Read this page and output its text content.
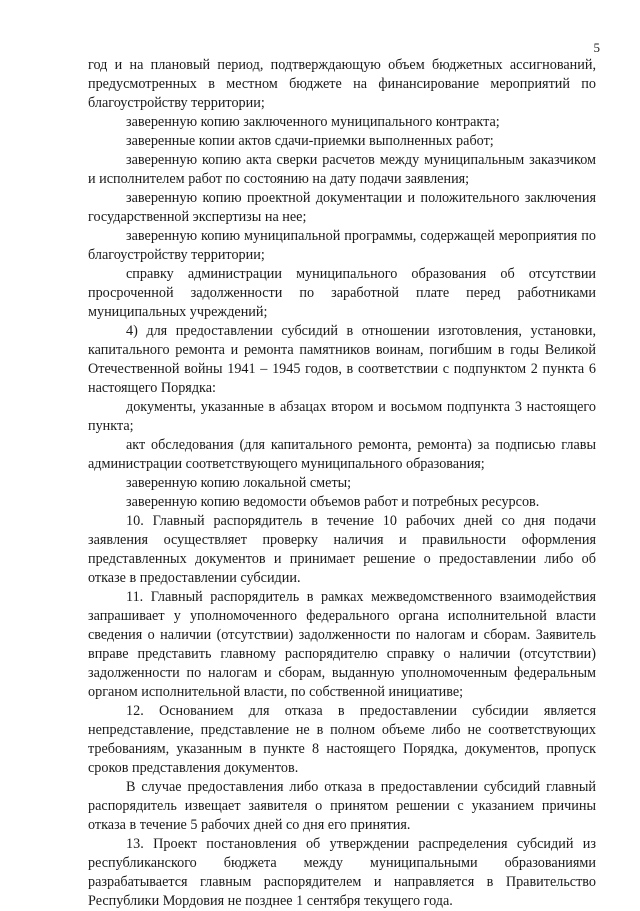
5

год и на плановый период, подтверждающую объем бюджетных ассигнований, предусмотренных в местном бюджете на финансирование мероприятий по благоустройству территории;

заверенную копию заключенного муниципального контракта;

заверенные копии актов сдачи-приемки выполненных работ;

заверенную копию акта сверки расчетов между муниципальным заказчиком и исполнителем работ по состоянию на дату подачи заявления;

заверенную копию проектной документации и положительного заключения государственной экспертизы на нее;

заверенную копию муниципальной программы, содержащей мероприятия по благоустройству территории;

справку администрации муниципального образования об отсутствии просроченной задолженности по заработной плате перед работниками муниципальных учреждений;

4) для предоставлении субсидий в отношении изготовления, установки, капитального ремонта и ремонта памятников воинам, погибшим в годы Великой Отечественной войны 1941 – 1945 годов, в соответствии с подпунктом 2 пункта 6 настоящего Порядка:

документы, указанные в абзацах втором и восьмом подпункта 3 настоящего пункта;

акт обследования (для капитального ремонта, ремонта) за подписью главы администрации соответствующего муниципального образования;

заверенную копию локальной сметы;

заверенную копию ведомости объемов работ и потребных ресурсов.

10. Главный распорядитель в течение 10 рабочих дней со дня подачи заявления осуществляет проверку наличия и правильности оформления представленных документов и принимает решение о предоставлении либо об отказе в предоставлении субсидии.

11. Главный распорядитель в рамках межведомственного взаимодействия запрашивает у уполномоченного федерального органа исполнительной власти сведения о наличии (отсутствии) задолженности по налогам и сборам. Заявитель вправе представить главному распорядителю справку о наличии (отсутствии) задолженности по налогам и сборам, выданную уполномоченным федеральным органом исполнительной власти, по собственной инициативе;

12. Основанием для отказа в предоставлении субсидии является непредставление, представление не в полном объеме либо не соответствующих требованиям, указанным в пункте 8 настоящего Порядка, документов, пропуск сроков представления документов.

В случае предоставления либо отказа в предоставлении субсидий главный распорядитель извещает заявителя о принятом решении с указанием причины отказа в течение 5 рабочих дней со дня его принятия.

13. Проект постановления об утверждении распределения субсидий из республиканского бюджета между муниципальными образованиями разрабатывается главным распорядителем и направляется в Правительство Республики Мордовия не позднее 1 сентября текущего года.
